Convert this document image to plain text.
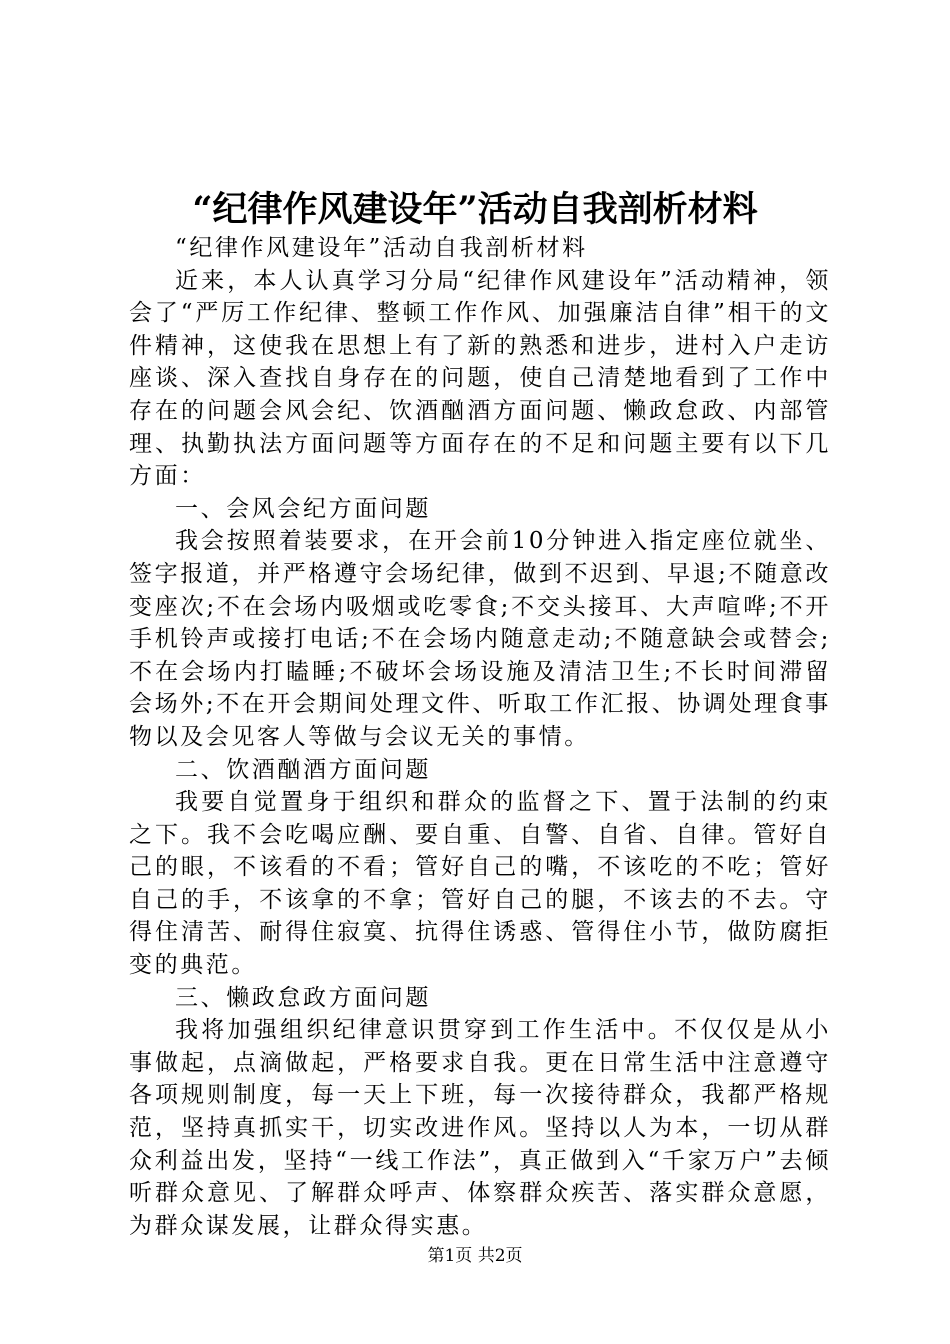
“纪律作风建设年”活动自我剖析材料

“纪律作风建设年”活动自我剖析材料

近来，本人认真学习分局“纪律作风建设年”活动精神，领会了“严厉工作纪律、整顿工作作风、加强廉洁自律”相干的文件精神，这使我在思想上有了新的熟悉和进步，进村入户走访座谈、深入查找自身存在的问题，使自己清楚地看到了工作中存在的问题会风会纪、饮酒酗酒方面问题、懒政怠政、内部管理、执勤执法方面问题等方面存在的不足和问题主要有以下几方面：

一、会风会纪方面问题

我会按照着装要求，在开会前10分钟进入指定座位就坐、签字报道，并严格遵守会场纪律，做到不迟到、早退;不随意改变座次;不在会场内吸烟或吃零食;不交头接耳、大声喧哗;不开手机铃声或接打电话;不在会场内随意走动;不随意缺会或替会;不在会场内打瞌睡;不破坏会场设施及清洁卫生;不长时间滞留会场外;不在开会期间处理文件、听取工作汇报、协调处理食事物以及会见客人等做与会议无关的事情。

二、饮酒酗酒方面问题

我要自觉置身于组织和群众的监督之下、置于法制的约束之下。我不会吃喝应酬、要自重、自警、自省、自律。管好自己的眼，不该看的不看；管好自己的嘴，不该吃的不吃；管好自己的手，不该拿的不拿；管好自己的腿，不该去的不去。守得住清苦、耐得住寂寞、抗得住诱惑、管得住小节，做防腐拒变的典范。

三、懒政怠政方面问题

我将加强组织纪律意识贯穿到工作生活中。不仅仅是从小事做起，点滴做起，严格要求自我。更在日常生活中注意遵守各项规则制度，每一天上下班，每一次接待群众，我都严格规范，坚持真抓实干，切实改进作风。坚持以人为本，一切从群众利益出发，坚持“一线工作法”，真正做到入“千家万户”去倾听群众意见、了解群众呼声、体察群众疾苦、落实群众意愿，为群众谋发展，让群众得实惠。

第1页 共2页
